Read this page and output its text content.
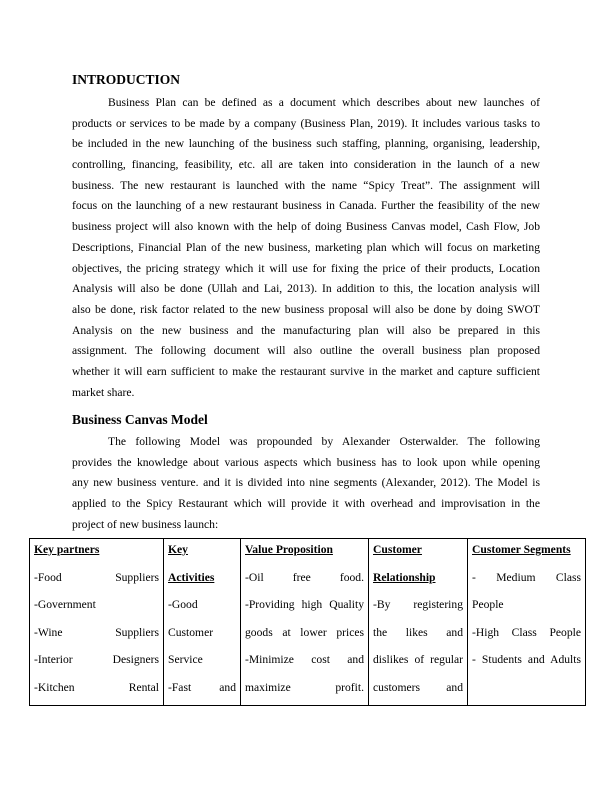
INTRODUCTION
Business Plan can be defined as a document which describes about new launches of
products or services to be made by a company (Business Plan, 2019). It includes various tasks to
be included in the new launching of the business such staffing, planning, organising, leadership,
controlling, financing, feasibility, etc. all are taken into consideration in the launch of a new
business. The new restaurant is launched with the name “Spicy Treat”. The assignment will
focus on the launching of a new restaurant business in Canada. Further the feasibility of the new
business project will also known with the help of doing Business Canvas model, Cash Flow, Job
Descriptions, Financial Plan of the new business, marketing plan which will focus on marketing
objectives, the pricing strategy which it will use for fixing the price of their products, Location
Analysis will also be done (Ullah and Lai, 2013). In addition to this, the location analysis will
also be done, risk factor related to the new business proposal will also be done by doing SWOT
Analysis on the new business and the manufacturing plan will also be prepared in this
assignment. The following document will also outline the overall business plan proposed
whether it will earn sufficient to make the restaurant survive in the market and capture sufficient
market share.
Business Canvas Model
The following Model was propounded by Alexander Osterwalder. The following
provides the knowledge about various aspects which business has to look upon while opening
any new business venture. and it is divided into nine segments (Alexander, 2012). The Model is
applied to the Spicy Restaurant which will provide it with overhead and improvisation in the
project of new business launch:
Key partners
-Food Suppliers
-Government
-Wine Suppliers
-Interior Designers
-Kitchen Rental

Key
Activities
-Good
Customer
Service
-Fast and

Value Proposition
-Oil free food.
-Providing high Quality
goods at lower prices
-Minimize cost and
maximize profit.

Customer
Relationship
-By registering
the likes and
dislikes of regular
customers and

Customer Segments
- Medium Class
People
-High Class People
- Students and Adults
